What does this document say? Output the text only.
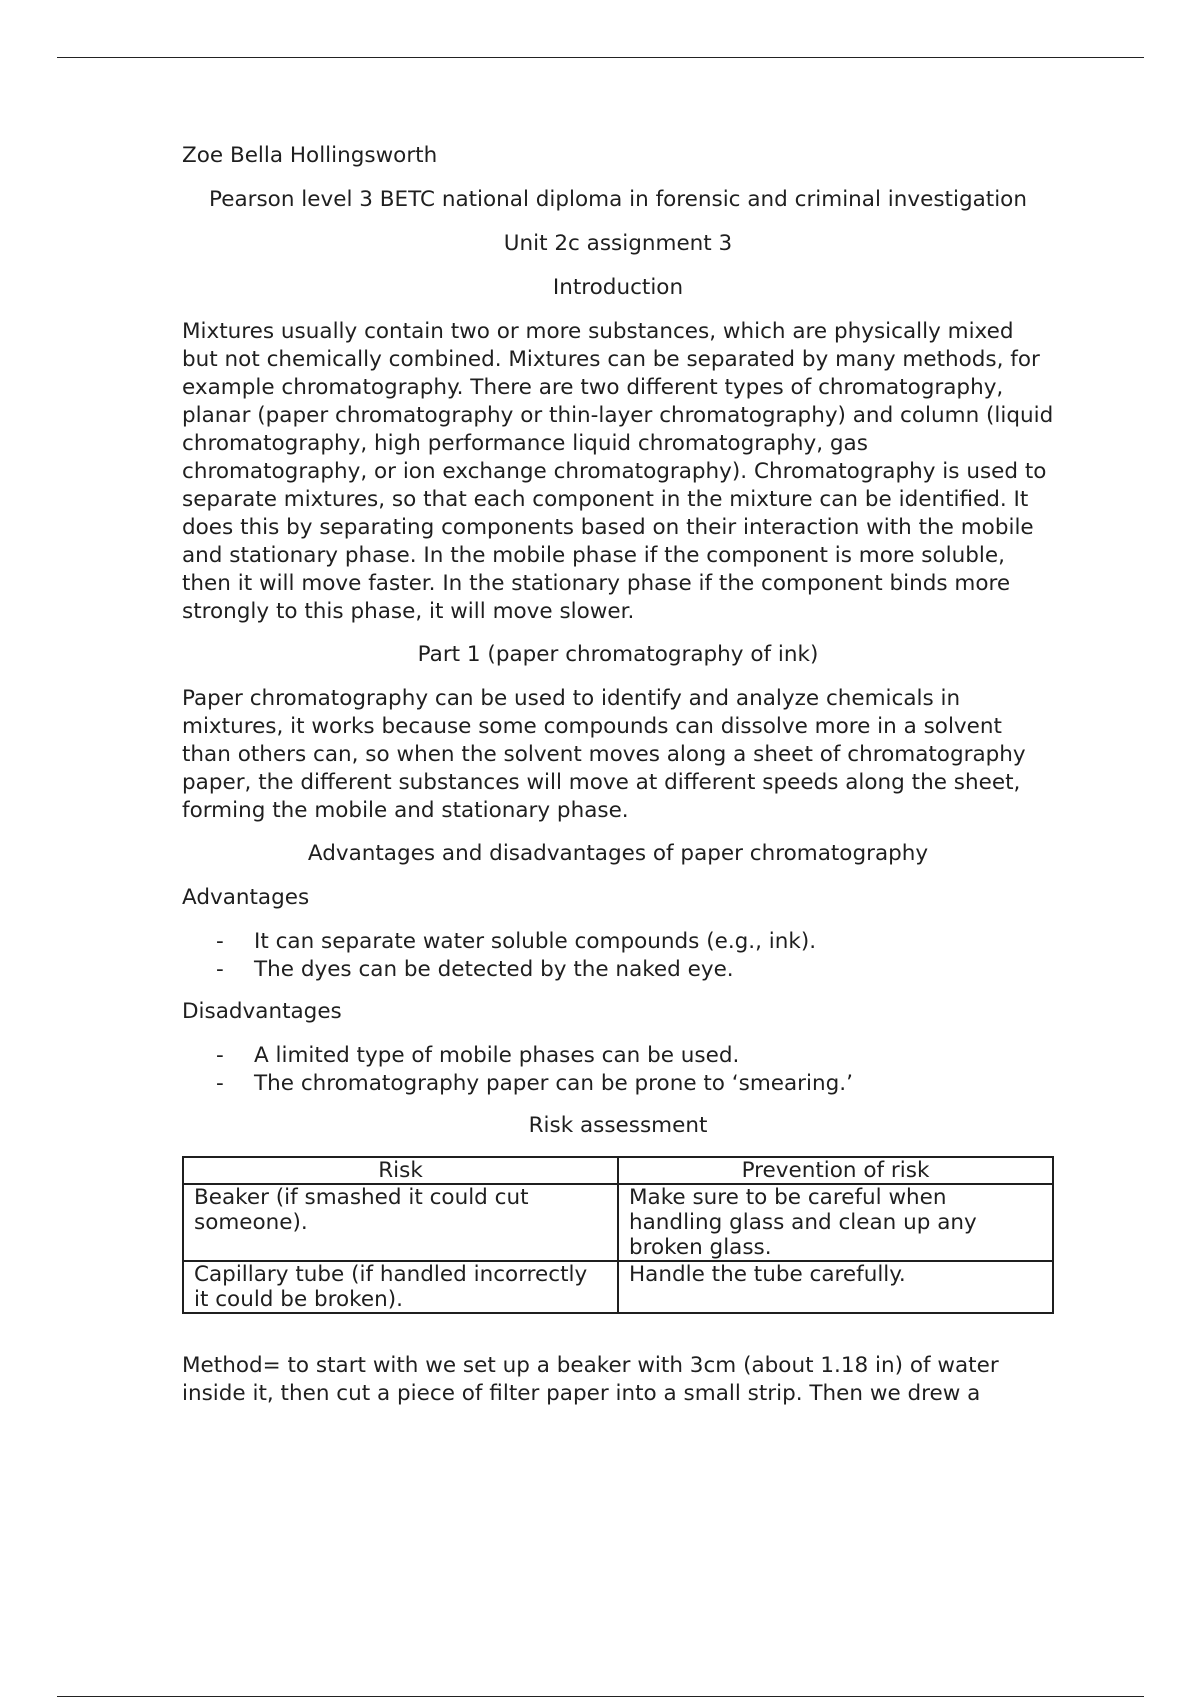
Zoe Bella Hollingsworth

Pearson level 3 BETC national diploma in forensic and criminal investigation

Unit 2c assignment 3

Introduction

Mixtures usually contain two or more substances, which are physically mixed but not chemically combined. Mixtures can be separated by many methods, for example chromatography. There are two different types of chromatography, planar (paper chromatography or thin-layer chromatography) and column (liquid chromatography, high performance liquid chromatography, gas chromatography, or ion exchange chromatography). Chromatography is used to separate mixtures, so that each component in the mixture can be identified. It does this by separating components based on their interaction with the mobile and stationary phase. In the mobile phase if the component is more soluble, then it will move faster. In the stationary phase if the component binds more strongly to this phase, it will move slower.

Part 1 (paper chromatography of ink)

Paper chromatography can be used to identify and analyze chemicals in mixtures, it works because some compounds can dissolve more in a solvent than others can, so when the solvent moves along a sheet of chromatography paper, the different substances will move at different speeds along the sheet, forming the mobile and stationary phase.

Advantages and disadvantages of paper chromatography

Advantages

- It can separate water soluble compounds (e.g., ink).
- The dyes can be detected by the naked eye.

Disadvantages

- A limited type of mobile phases can be used.
- The chromatography paper can be prone to ‘smearing.’

Risk assessment

Risk	Prevention of risk
Beaker (if smashed it could cut someone).	Make sure to be careful when handling glass and clean up any broken glass.
Capillary tube (if handled incorrectly it could be broken).	Handle the tube carefully.

Method= to start with we set up a beaker with 3cm (about 1.18 in) of water inside it, then cut a piece of filter paper into a small strip. Then we drew a
